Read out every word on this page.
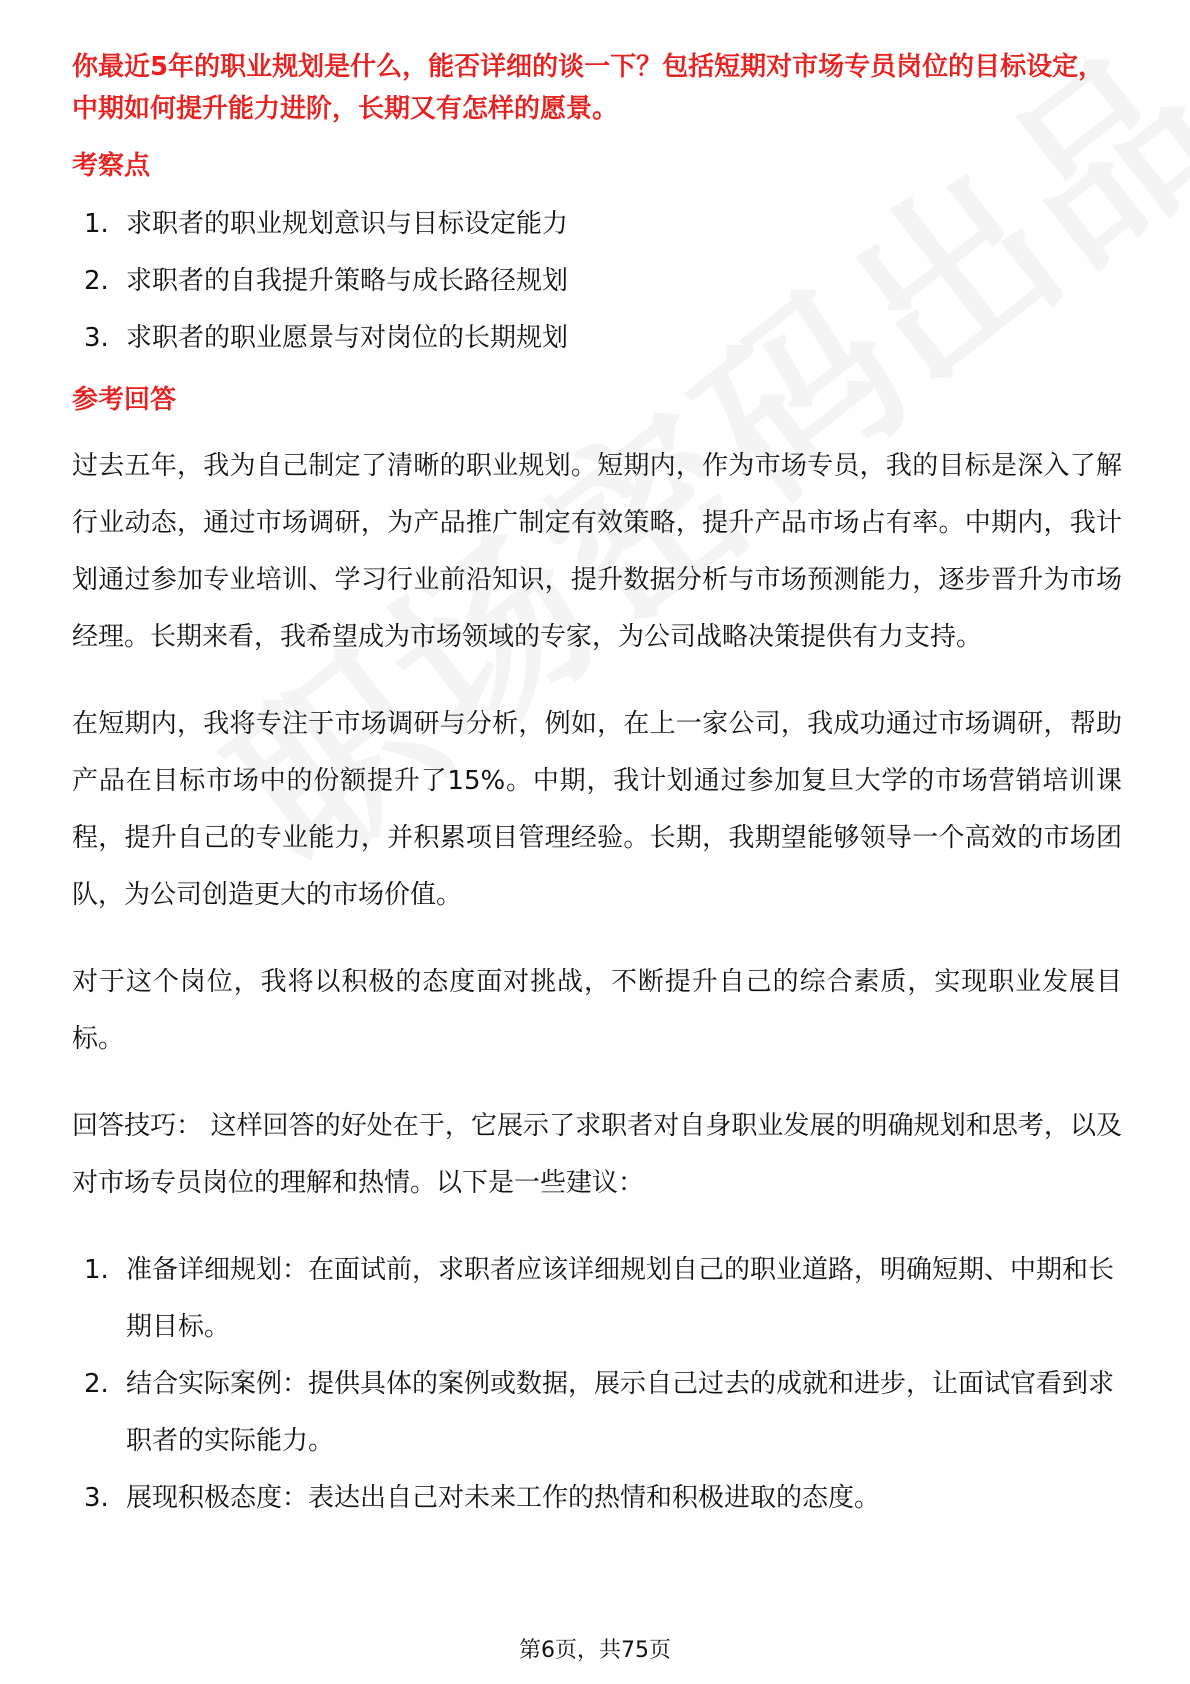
你最近5年的职业规划是什么，能否详细的谈一下？包括短期对市场专员岗位的目标设定，中期如何提升能力进阶，长期又有怎样的愿景。
考察点
1. 求职者的职业规划意识与目标设定能力
2. 求职者的自我提升策略与成长路径规划
3. 求职者的职业愿景与对岗位的长期规划
参考回答

过去五年，我为自己制定了清晰的职业规划。短期内，作为市场专员，我的目标是深入了解行业动态，通过市场调研，为产品推广制定有效策略，提升产品市场占有率。中期内，我计划通过参加专业培训、学习行业前沿知识，提升数据分析与市场预测能力，逐步晋升为市场经理。长期来看，我希望成为市场领域的专家，为公司战略决策提供有力支持。

在短期内，我将专注于市场调研与分析，例如，在上一家公司，我成功通过市场调研，帮助产品在目标市场中的份额提升了15%。中期，我计划通过参加复旦大学的市场营销培训课程，提升自己的专业能力，并积累项目管理经验。长期，我期望能够领导一个高效的市场团队，为公司创造更大的市场价值。

对于这个岗位，我将以积极的态度面对挑战，不断提升自己的综合素质，实现职业发展目标。

回答技巧： 这样回答的好处在于，它展示了求职者对自身职业发展的明确规划和思考，以及对市场专员岗位的理解和热情。以下是一些建议：

1. 准备详细规划：在面试前，求职者应该详细规划自己的职业道路，明确短期、中期和长期目标。
2. 结合实际案例：提供具体的案例或数据，展示自己过去的成就和进步，让面试官看到求职者的实际能力。
3. 展现积极态度：表达出自己对未来工作的热情和积极进取的态度。
第6页，共75页
